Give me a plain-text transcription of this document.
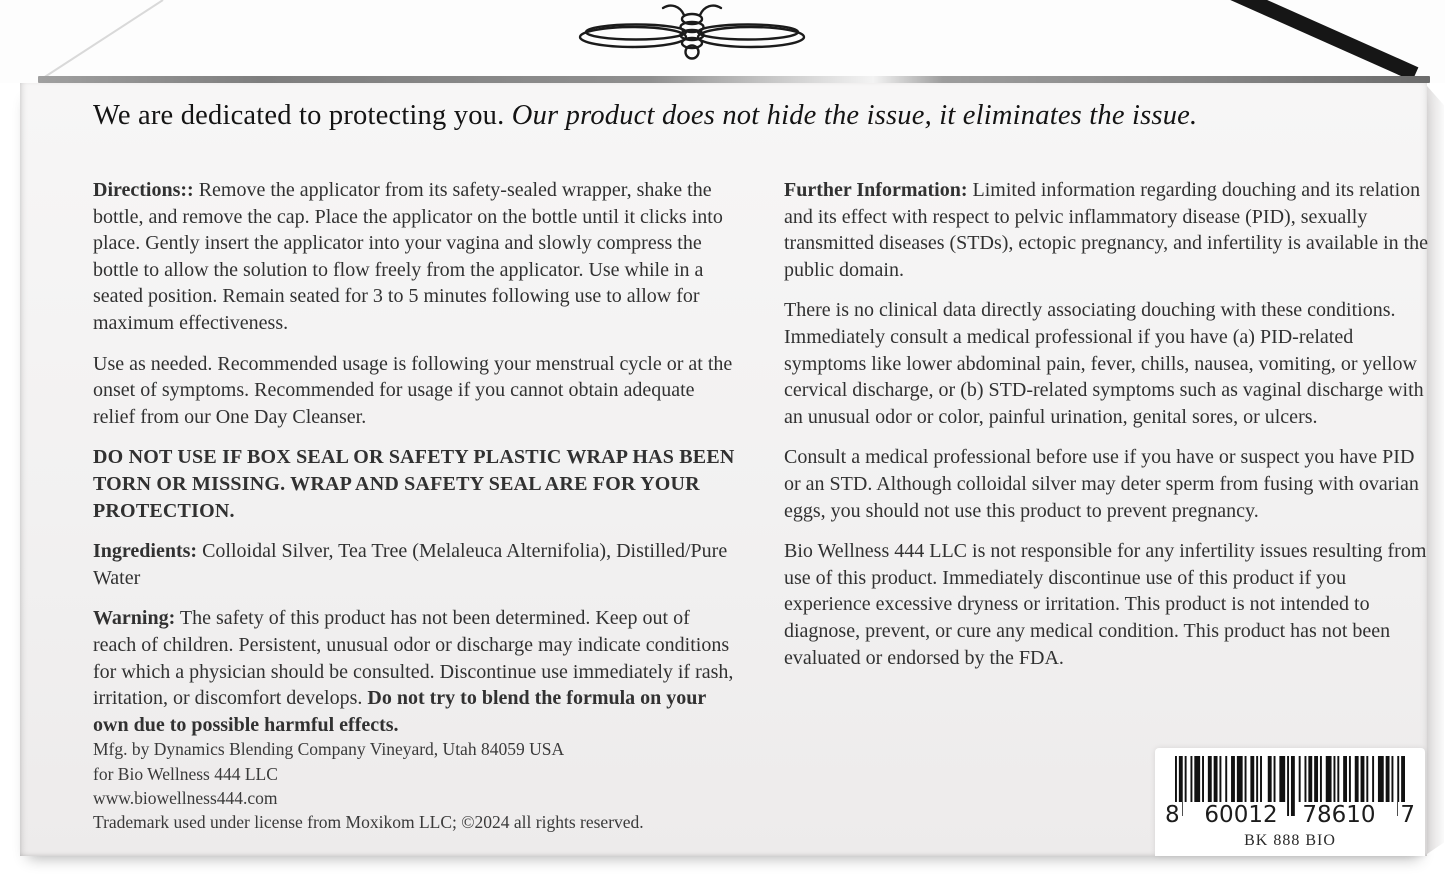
We are dedicated to protecting you. Our product does not hide the issue, it eliminates the issue.

Directions:: Remove the applicator from its safety-sealed wrapper, shake the bottle, and remove the cap. Place the applicator on the bottle until it clicks into place. Gently insert the applicator into your vagina and slowly compress the bottle to allow the solution to flow freely from the applicator. Use while in a seated position. Remain seated for 3 to 5 minutes following use to allow for maximum effectiveness.

Use as needed. Recommended usage is following your menstrual cycle or at the onset of symptoms. Recommended for usage if you cannot obtain adequate relief from our One Day Cleanser.

DO NOT USE IF BOX SEAL OR SAFETY PLASTIC WRAP HAS BEEN TORN OR MISSING. WRAP AND SAFETY SEAL ARE FOR YOUR PROTECTION.

Ingredients: Colloidal Silver, Tea Tree (Melaleuca Alternifolia), Distilled/Pure Water

Warning: The safety of this product has not been determined. Keep out of reach of children. Persistent, unusual odor or discharge may indicate conditions for which a physician should be consulted. Discontinue use immediately if rash, irritation, or discomfort develops. Do not try to blend the formula on your own due to possible harmful effects.

Further Information: Limited information regarding douching and its relation and its effect with respect to pelvic inflammatory disease (PID), sexually transmitted diseases (STDs), ectopic pregnancy, and infertility is available in the public domain.

There is no clinical data directly associating douching with these conditions. Immediately consult a medical professional if you have (a) PID-related symptoms like lower abdominal pain, fever, chills, nausea, vomiting, or yellow cervical discharge, or (b) STD-related symptoms such as vaginal discharge with an unusual odor or color, painful urination, genital sores, or ulcers.

Consult a medical professional before use if you have or suspect you have PID or an STD. Although colloidal silver may deter sperm from fusing with ovarian eggs, you should not use this product to prevent pregnancy.

Bio Wellness 444 LLC is not responsible for any infertility issues resulting from use of this product. Immediately discontinue use of this product if you experience excessive dryness or irritation. This product is not intended to diagnose, prevent, or cure any medical condition. This product has not been evaluated or endorsed by the FDA.

Mfg. by Dynamics Blending Company Vineyard, Utah 84059 USA
for Bio Wellness 444 LLC
www.biowellness444.com
Trademark used under license from Moxikom LLC; ©2024 all rights reserved.	8 60012 78610 7
BK 888 BIO
